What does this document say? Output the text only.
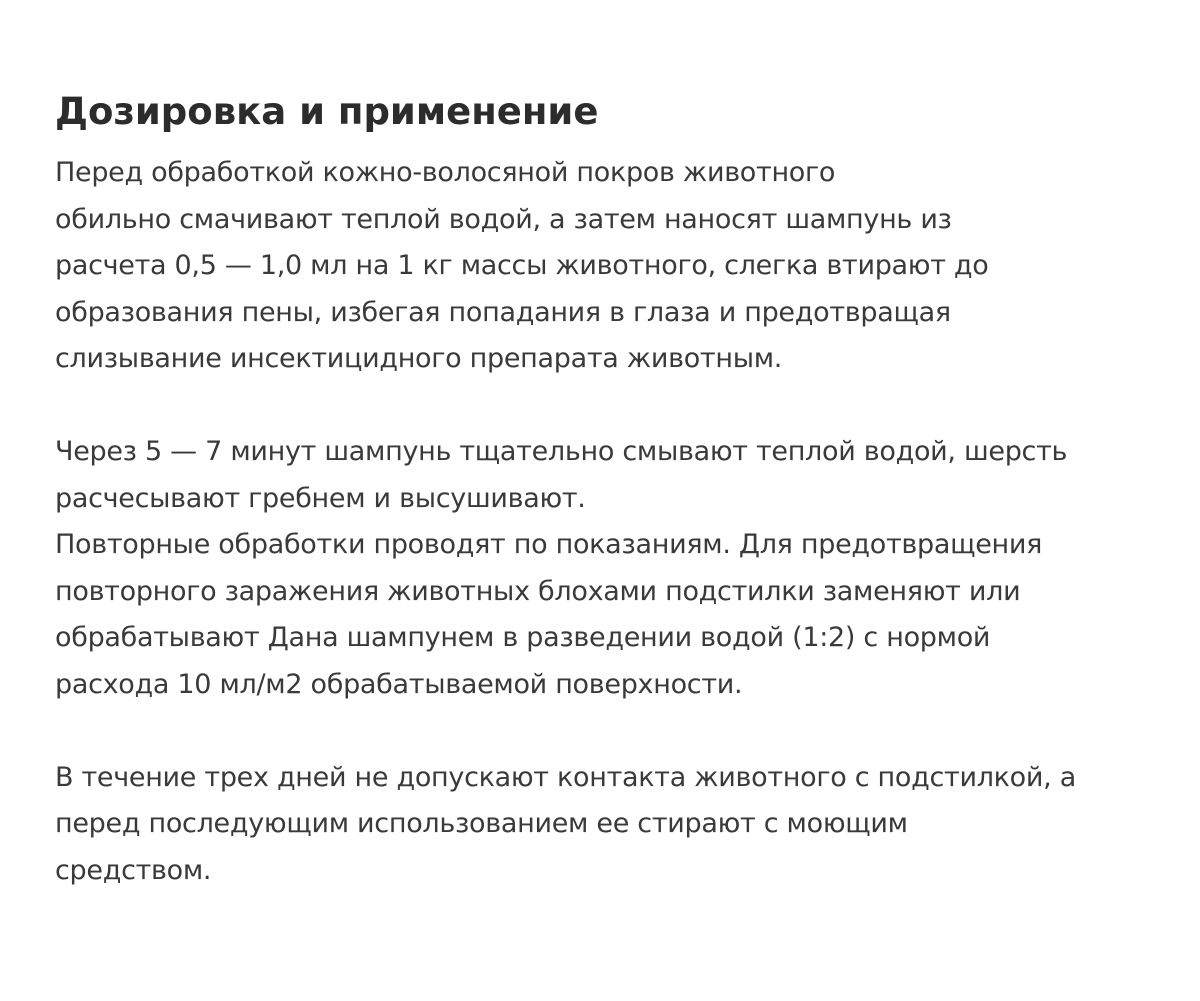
Дозировка и применение

Перед обработкой кожно-волосяной покров животного
обильно смачивают теплой водой, а затем наносят шампунь из
расчета 0,5 — 1,0 мл на 1 кг массы животного, слегка втирают до
образования пены, избегая попадания в глаза и предотвращая
слизывание инсектицидного препарата животным.

Через 5 — 7 минут шампунь тщательно смывают теплой водой, шерсть
расчесывают гребнем и высушивают.
Повторные обработки проводят по показаниям. Для предотвращения
повторного заражения животных блохами подстилки заменяют или
обрабатывают Дана шампунем в разведении водой (1:2) с нормой
расхода 10 мл/м2 обрабатываемой поверхности.

В течение трех дней не допускают контакта животного с подстилкой, а
перед последующим использованием ее стирают с моющим
средством.
